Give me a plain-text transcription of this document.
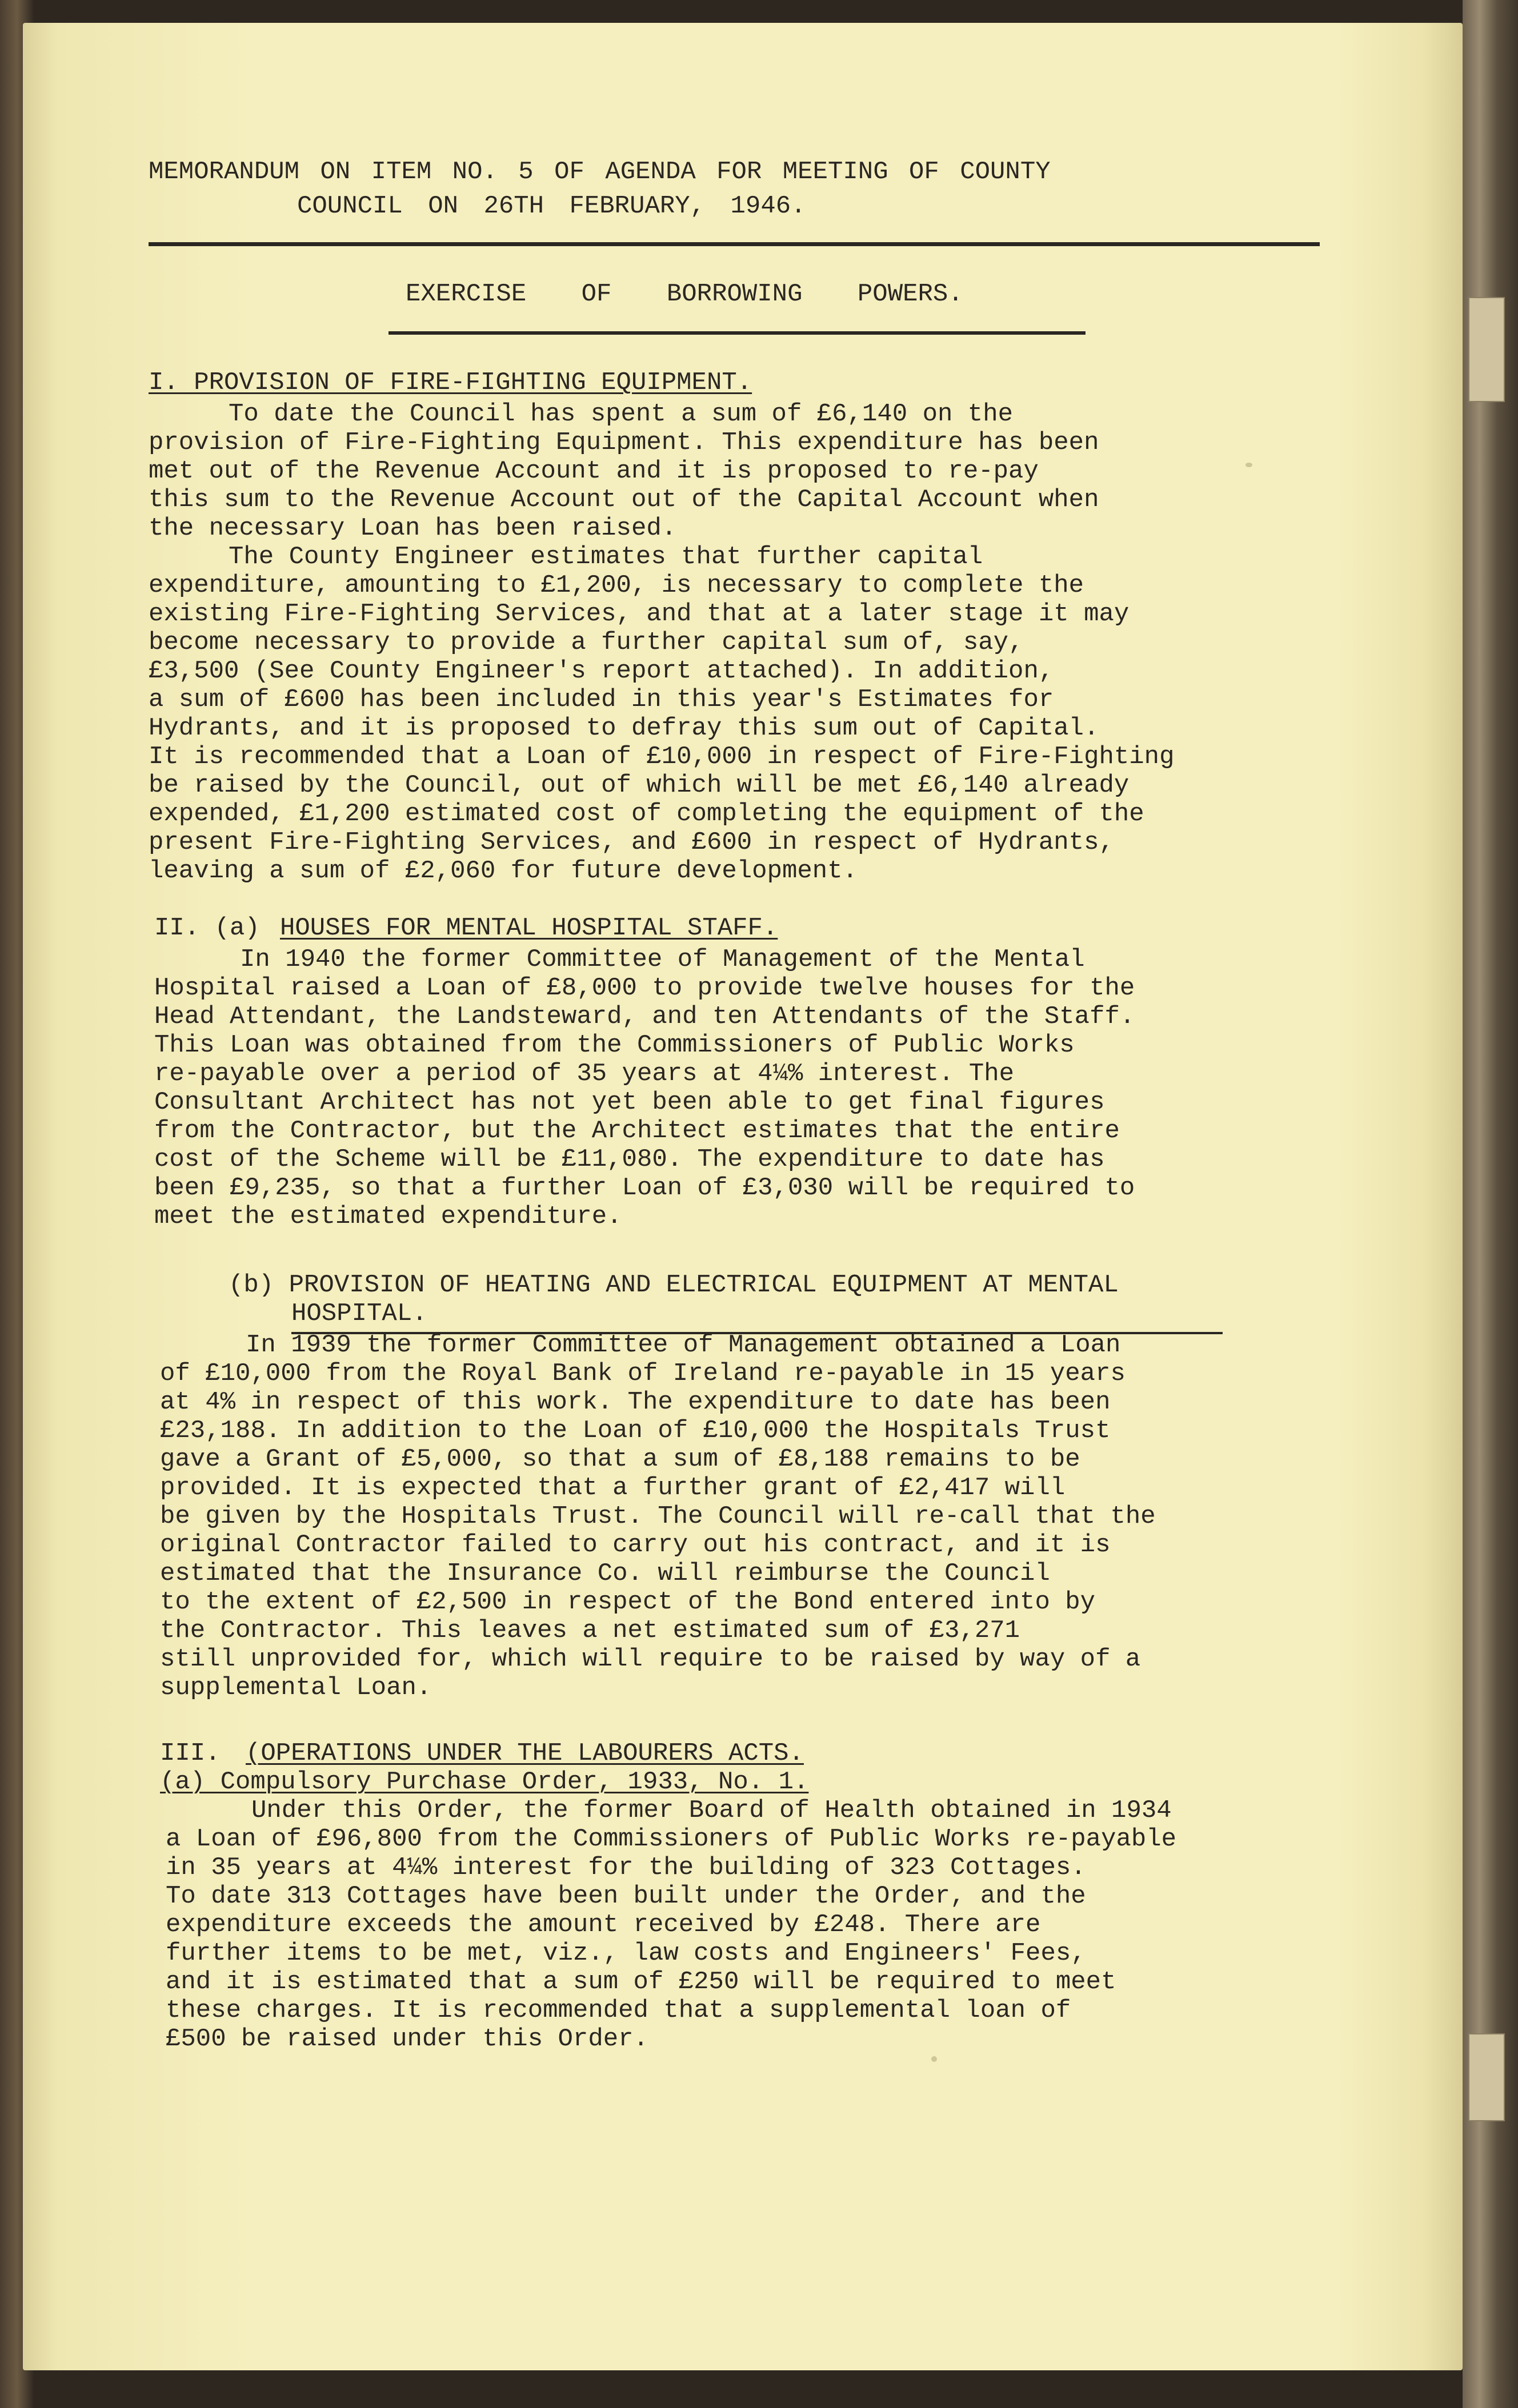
MEMORANDUM ON ITEM NO. 5 OF AGENDA FOR MEETING OF COUNTY
COUNCIL ON 26TH FEBRUARY, 1946.
EXERCISE OF BORROWING POWERS.
I. PROVISION OF FIRE-FIGHTING EQUIPMENT.
To date the Council has spent a sum of £6,140 on the
provision of Fire-Fighting Equipment. This expenditure has been
met out of the Revenue Account and it is proposed to re-pay
this sum to the Revenue Account out of the Capital Account when
the necessary Loan has been raised.
The County Engineer estimates that further capital
expenditure, amounting to £1,200, is necessary to complete the
existing Fire-Fighting Services, and that at a later stage it may
become necessary to provide a further capital sum of, say,
£3,500 (See County Engineer's report attached). In addition,
a sum of £600 has been included in this year's Estimates for
Hydrants, and it is proposed to defray this sum out of Capital.
It is recommended that a Loan of £10,000 in respect of Fire-Fighting
be raised by the Council, out of which will be met £6,140 already
expended, £1,200 estimated cost of completing the equipment of the
present Fire-Fighting Services, and £600 in respect of Hydrants,
leaving a sum of £2,060 for future development.
II. (a) HOUSES FOR MENTAL HOSPITAL STAFF.
In 1940 the former Committee of Management of the Mental
Hospital raised a Loan of £8,000 to provide twelve houses for the
Head Attendant, the Landsteward, and ten Attendants of the Staff.
This Loan was obtained from the Commissioners of Public Works
re-payable over a period of 35 years at 4¼% interest. The
Consultant Architect has not yet been able to get final figures
from the Contractor, but the Architect estimates that the entire
cost of the Scheme will be £11,080. The expenditure to date has
been £9,235, so that a further Loan of £3,030 will be required to
meet the estimated expenditure.
(b) PROVISION OF HEATING AND ELECTRICAL EQUIPMENT AT MENTAL
HOSPITAL.
In 1939 the former Committee of Management obtained a Loan
of £10,000 from the Royal Bank of Ireland re-payable in 15 years
at 4% in respect of this work. The expenditure to date has been
£23,188. In addition to the Loan of £10,000 the Hospitals Trust
gave a Grant of £5,000, so that a sum of £8,188 remains to be
provided. It is expected that a further grant of £2,417 will
be given by the Hospitals Trust. The Council will re-call that the
original Contractor failed to carry out his contract, and it is
estimated that the Insurance Co. will reimburse the Council
to the extent of £2,500 in respect of the Bond entered into by
the Contractor. This leaves a net estimated sum of £3,271
still unprovided for, which will require to be raised by way of a
supplemental Loan.
III. (OPERATIONS UNDER THE LABOURERS ACTS.
(a) Compulsory Purchase Order, 1933, No. 1.
Under this Order, the former Board of Health obtained in 1934
a Loan of £96,800 from the Commissioners of Public Works re-payable
in 35 years at 4¼% interest for the building of 323 Cottages.
To date 313 Cottages have been built under the Order, and the
expenditure exceeds the amount received by £248. There are
further items to be met, viz., law costs and Engineers' Fees,
and it is estimated that a sum of £250 will be required to meet
these charges. It is recommended that a supplemental loan of
£500 be raised under this Order.
